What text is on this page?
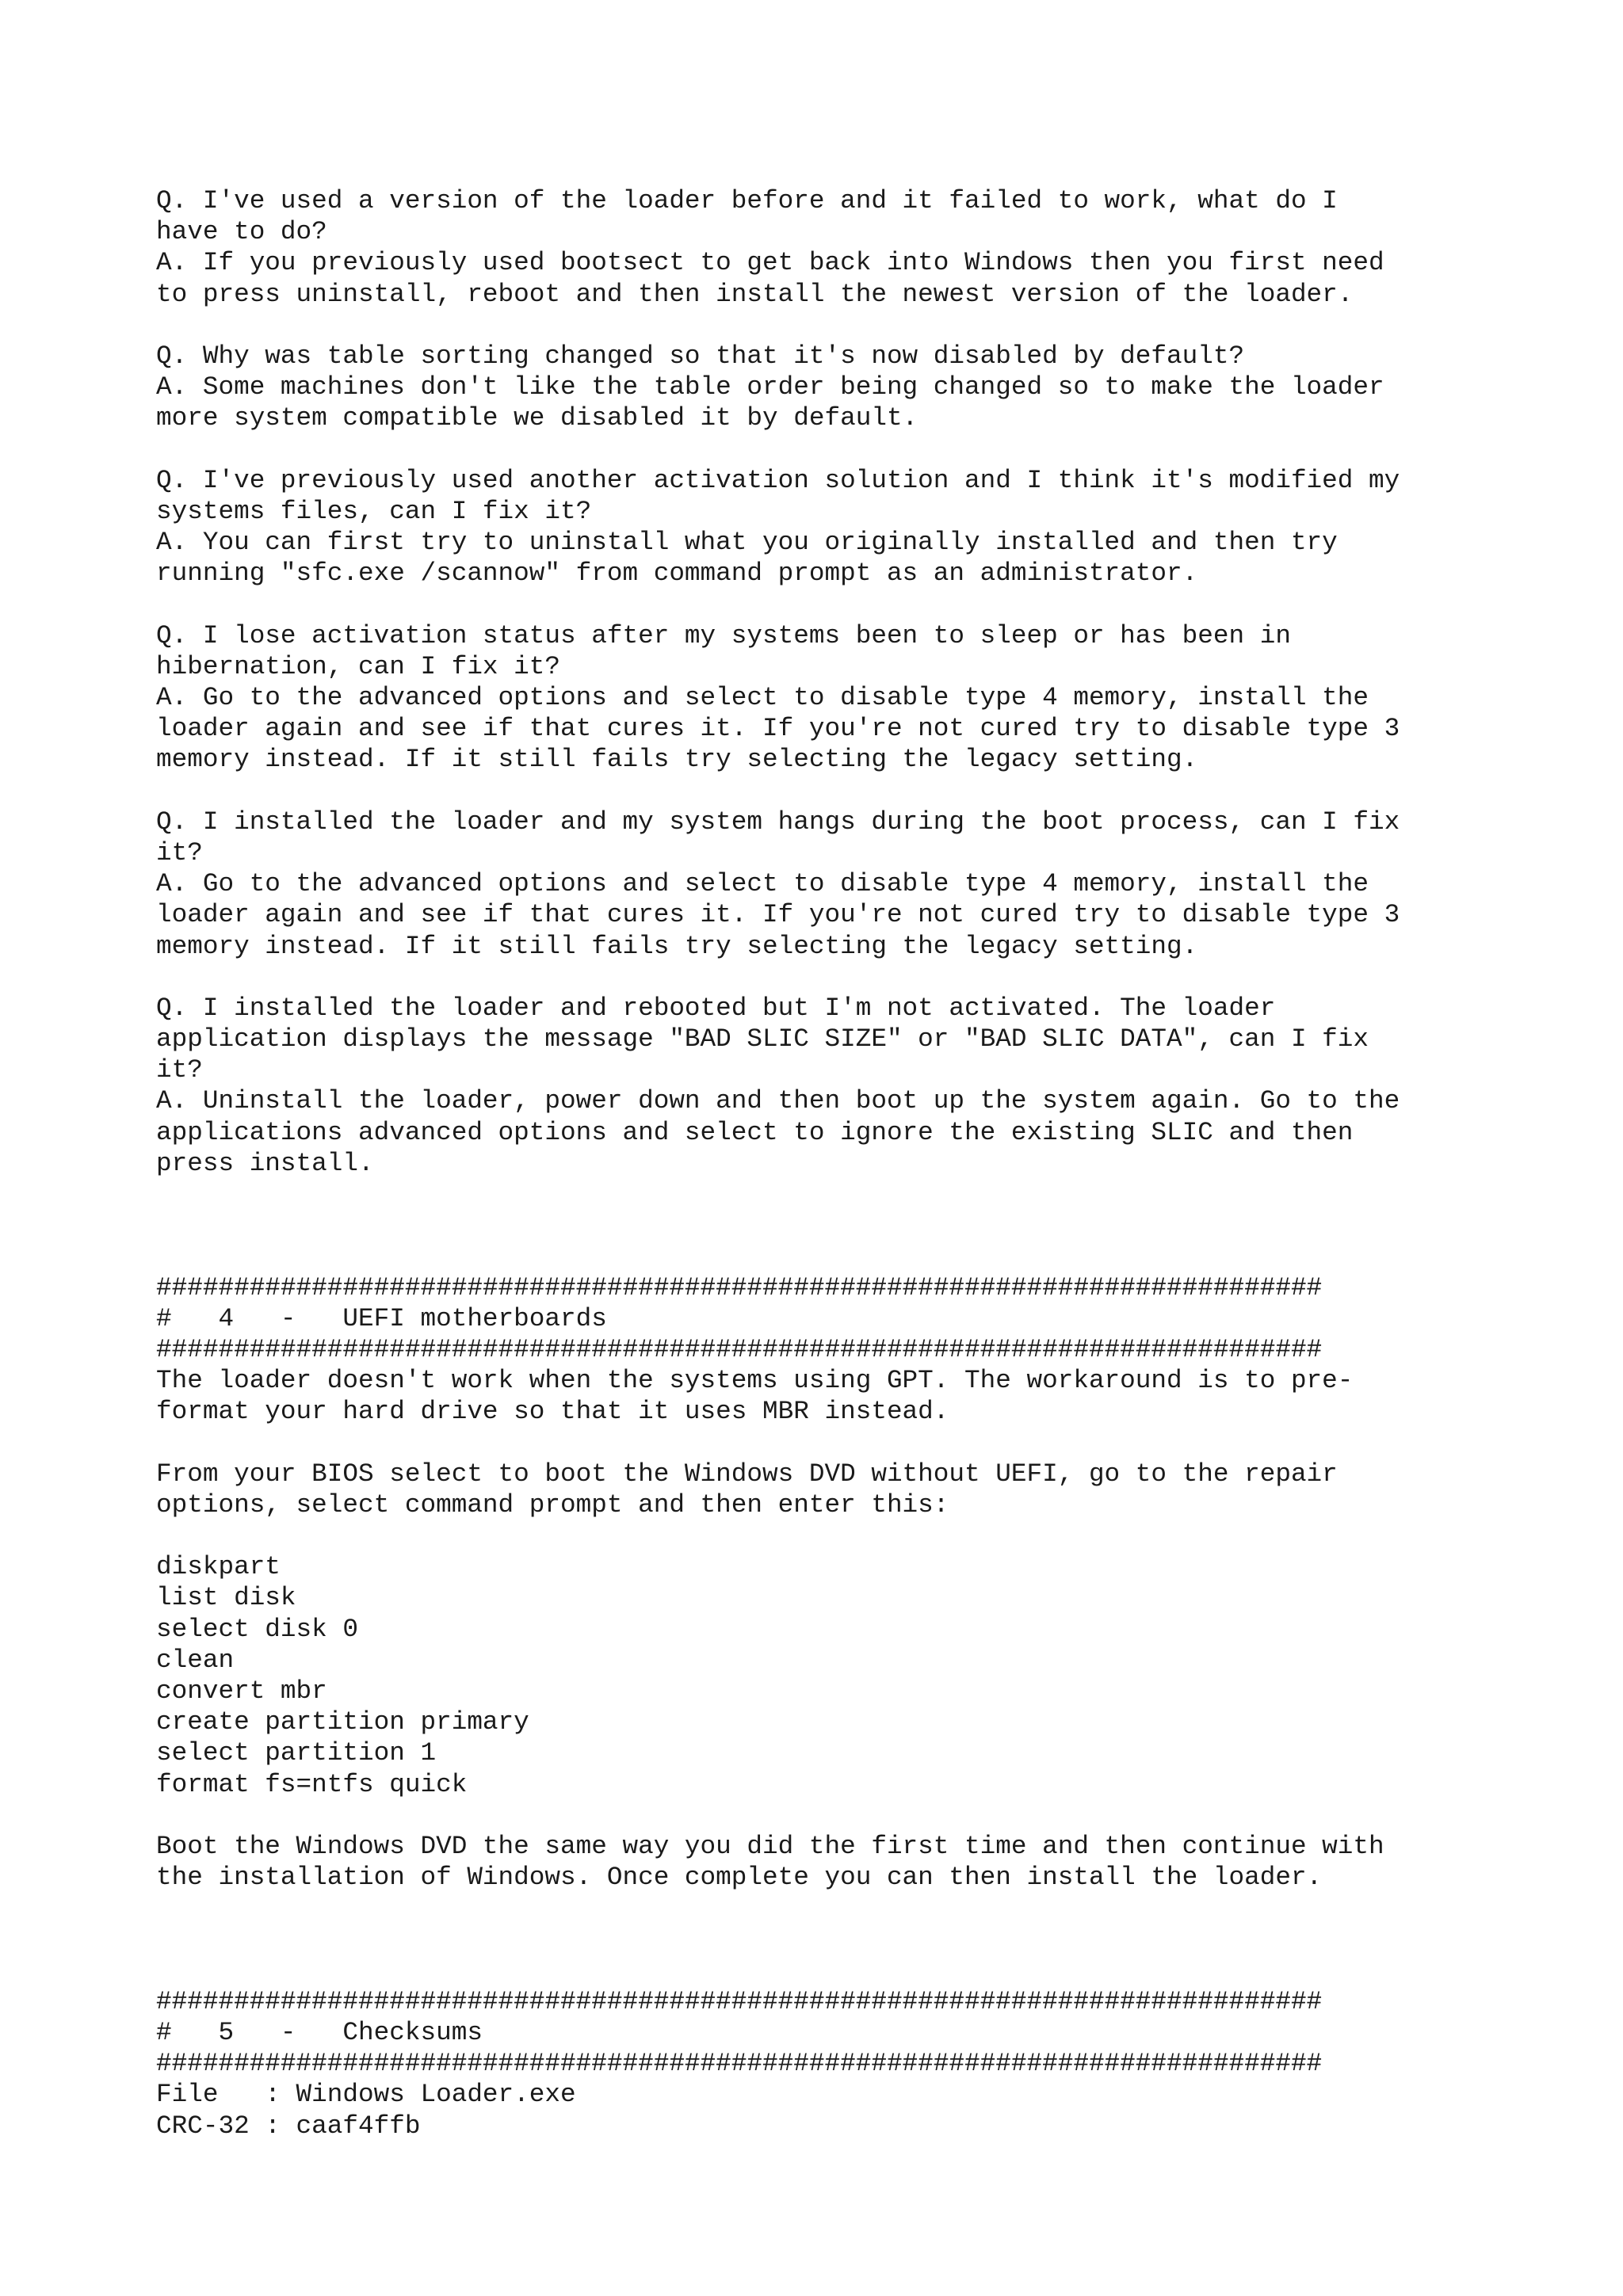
Q. I've used a version of the loader before and it failed to work, what do I
have to do?
A. If you previously used bootsect to get back into Windows then you first need
to press uninstall, reboot and then install the newest version of the loader.
Q. Why was table sorting changed so that it's now disabled by default?
A. Some machines don't like the table order being changed so to make the loader
more system compatible we disabled it by default.
Q. I've previously used another activation solution and I think it's modified my
systems files, can I fix it?
A. You can first try to uninstall what you originally installed and then try
running "sfc.exe /scannow" from command prompt as an administrator.
Q. I lose activation status after my systems been to sleep or has been in
hibernation, can I fix it?
A. Go to the advanced options and select to disable type 4 memory, install the
loader again and see if that cures it. If you're not cured try to disable type 3
memory instead. If it still fails try selecting the legacy setting.
Q. I installed the loader and my system hangs during the boot process, can I fix
it?
A. Go to the advanced options and select to disable type 4 memory, install the
loader again and see if that cures it. If you're not cured try to disable type 3
memory instead. If it still fails try selecting the legacy setting.
Q. I installed the loader and rebooted but I'm not activated. The loader
application displays the message "BAD SLIC SIZE" or "BAD SLIC DATA", can I fix
it?
A. Uninstall the loader, power down and then boot up the system again. Go to the
applications advanced options and select to ignore the existing SLIC and then
press install.
###########################################################################
#   4   -   UEFI motherboards
###########################################################################
The loader doesn't work when the systems using GPT. The workaround is to pre-
format your hard drive so that it uses MBR instead.
From your BIOS select to boot the Windows DVD without UEFI, go to the repair
options, select command prompt and then enter this:
diskpart
list disk
select disk 0
clean
convert mbr
create partition primary
select partition 1
format fs=ntfs quick
Boot the Windows DVD the same way you did the first time and then continue with
the installation of Windows. Once complete you can then install the loader.
###########################################################################
#   5   -   Checksums
###########################################################################
File   : Windows Loader.exe
CRC-32 : caaf4ffb
